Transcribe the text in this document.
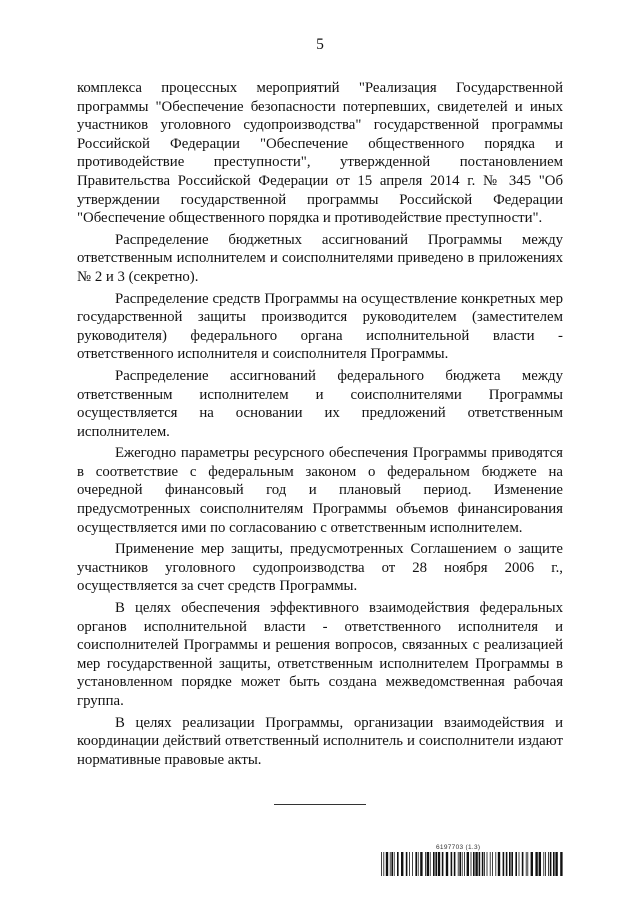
5

комплекса процессных мероприятий "Реализация Государственной программы "Обеспечение безопасности потерпевших, свидетелей и иных участников уголовного судопроизводства" государственной программы Российской Федерации "Обеспечение общественного порядка и противодействие преступности", утвержденной постановлением Правительства Российской Федерации от 15 апреля 2014 г. № 345 "Об утверждении государственной программы Российской Федерации "Обеспечение общественного порядка и противодействие преступности".

Распределение бюджетных ассигнований Программы между ответственным исполнителем и соисполнителями приведено в приложениях № 2 и 3 (секретно).

Распределение средств Программы на осуществление конкретных мер государственной защиты производится руководителем (заместителем руководителя) федерального органа исполнительной власти - ответственного исполнителя и соисполнителя Программы.

Распределение ассигнований федерального бюджета между ответственным исполнителем и соисполнителями Программы осуществляется на основании их предложений ответственным исполнителем.

Ежегодно параметры ресурсного обеспечения Программы приводятся в соответствие с федеральным законом о федеральном бюджете на очередной финансовый год и плановый период. Изменение предусмотренных соисполнителям Программы объемов финансирования осуществляется ими по согласованию с ответственным исполнителем.

Применение мер защиты, предусмотренных Соглашением о защите участников уголовного судопроизводства от 28 ноября 2006 г., осуществляется за счет средств Программы.

В целях обеспечения эффективного взаимодействия федеральных органов исполнительной власти - ответственного исполнителя и соисполнителей Программы и решения вопросов, связанных с реализацией мер государственной защиты, ответственным исполнителем Программы в установленном порядке может быть создана межведомственная рабочая группа.

В целях реализации Программы, организации взаимодействия и координации действий ответственный исполнитель и соисполнители издают нормативные правовые акты.

6197703 (1.3)
